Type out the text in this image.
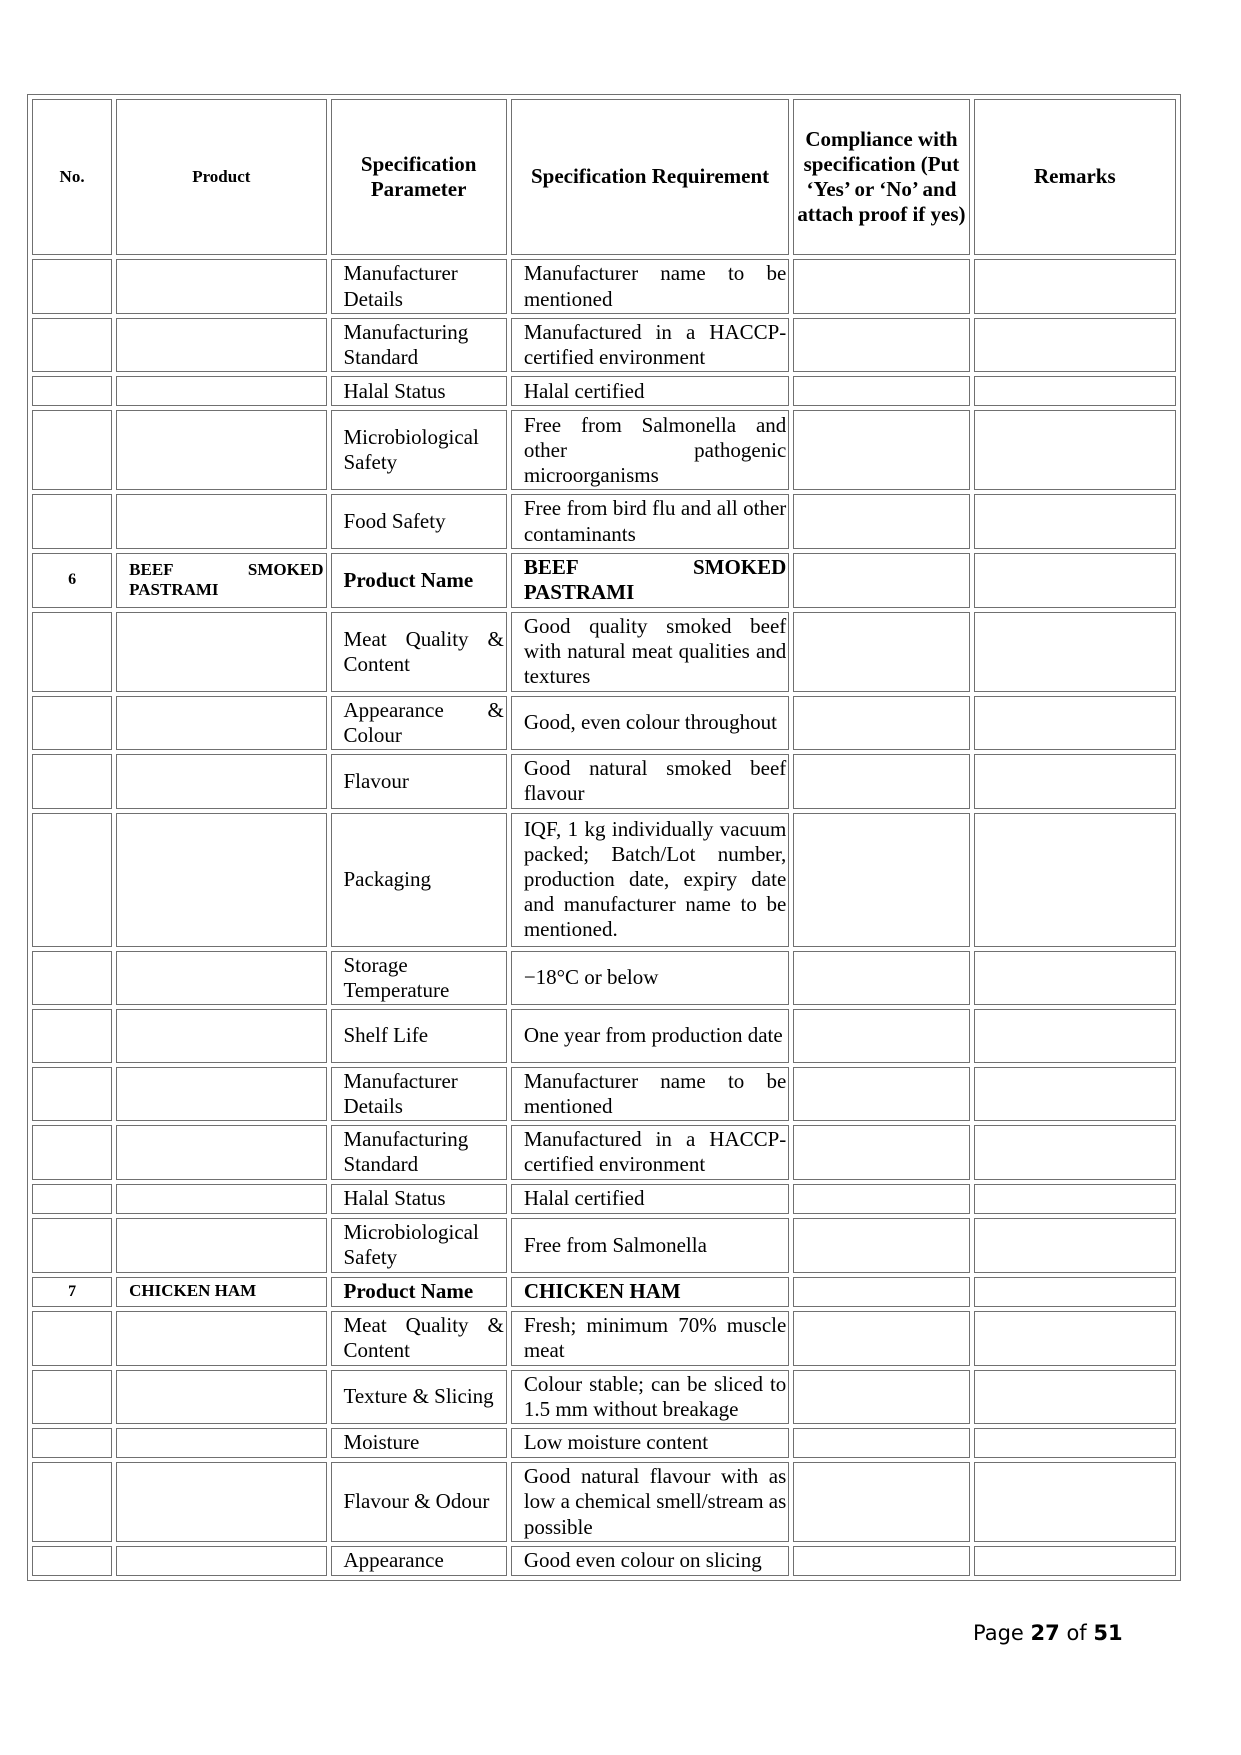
No.	Product	Specification Parameter	Specification Requirement	Compliance with specification (Put ‘Yes’ or ‘No’ and attach proof if yes)	Remarks
		Manufacturer Details	Manufacturer name to be mentioned		
		Manufacturing Standard	Manufactured in a HACCP-certified environment		
		Halal Status	Halal certified		
		Microbiological Safety	Free from Salmonella and other pathogenic microorganisms		
		Food Safety	Free from bird flu and all other contaminants		
6	BEEF SMOKED PASTRAMI	Product Name	BEEF SMOKED PASTRAMI		
		Meat Quality & Content	Good quality smoked beef with natural meat qualities and textures		
		Appearance & Colour	Good, even colour throughout		
		Flavour	Good natural smoked beef flavour		
		Packaging	IQF, 1 kg individually vacuum packed; Batch/Lot number, production date, expiry date and manufacturer name to be mentioned.		
		Storage Temperature	−18°C or below		
		Shelf Life	One year from production date		
		Manufacturer Details	Manufacturer name to be mentioned		
		Manufacturing Standard	Manufactured in a HACCP-certified environment		
		Halal Status	Halal certified		
		Microbiological Safety	Free from Salmonella		
7	CHICKEN HAM	Product Name	CHICKEN HAM		
		Meat Quality & Content	Fresh; minimum 70% muscle meat		
		Texture & Slicing	Colour stable; can be sliced to 1.5 mm without breakage		
		Moisture	Low moisture content		
		Flavour & Odour	Good natural flavour with as low a chemical smell/stream as possible		
		Appearance	Good even colour on slicing		
Page 27 of 51
